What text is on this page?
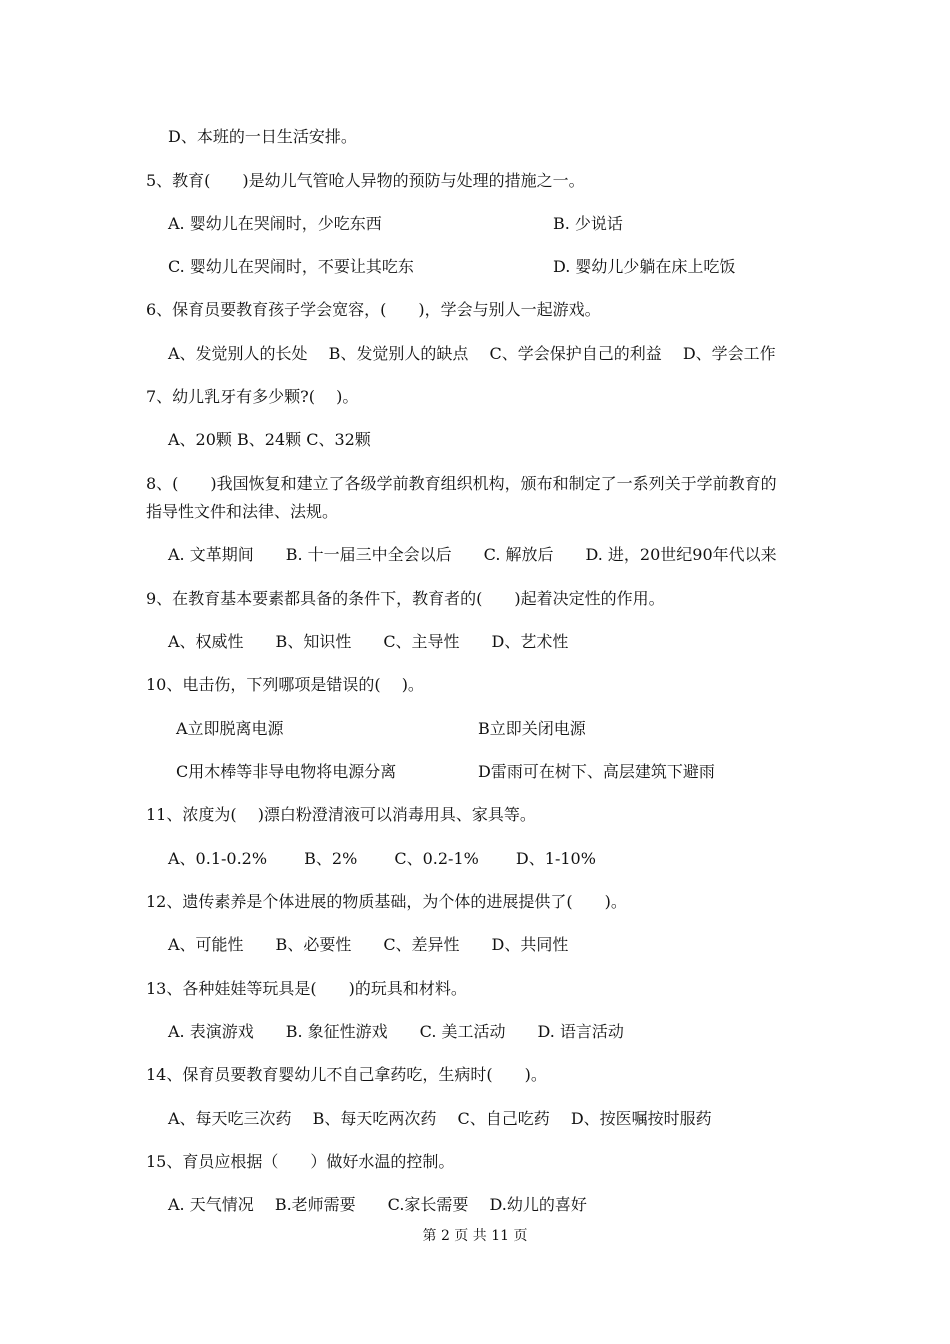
D、本班的一日生活安排。
5、教育(　　)是幼儿气管呛人异物的预防与处理的措施之一。
A. 婴幼儿在哭闹时，少吃东西	B. 少说话
C. 婴幼儿在哭闹时，不要让其吃东	D. 婴幼儿少躺在床上吃饭
6、保育员要教育孩子学会宽容，(　　)，学会与别人一起游戏。
A、发觉别人的长处　 B、发觉别人的缺点　 C、学会保护自己的利益　 D、学会工作
7、幼儿乳牙有多少颗?(　 )。
A、20颗 B、24颗 C、32颗
8、(　　)我国恢复和建立了各级学前教育组织机构，颁布和制定了一系列关于学前教育的
指导性文件和法律、法规。
A. 文革期间　　B. 十一届三中全会以后　　C. 解放后　　D. 进，20世纪90年代以来
9、在教育基本要素都具备的条件下，教育者的(　　)起着决定性的作用。
A、权威性　　B、知识性　　C、主导性　　D、艺术性
10、电击伤，下列哪项是错误的(　 )。
A立即脱离电源	B立即关闭电源
C用木棒等非导电物将电源分离	D雷雨可在树下、高层建筑下避雨
11、浓度为(　 )漂白粉澄清液可以消毒用具、家具等。
A、0.1-0.2%　　 B、2%　　 C、0.2-1%　　 D、1-10%
12、遗传素养是个体进展的物质基础，为个体的进展提供了(　　)。
A、可能性　　B、必要性　　C、差异性　　D、共同性
13、各种娃娃等玩具是(　　)的玩具和材料。
A. 表演游戏　　B. 象征性游戏　　C. 美工活动　　D. 语言活动
14、保育员要教育婴幼儿不自己拿药吃，生病时(　　)。
A、每天吃三次药　 B、每天吃两次药　 C、自己吃药　 D、按医嘱按时服药
15、育员应根据（　　）做好水温的控制。
A. 天气情况　 B.老师需要　　C.家长需要　 D.幼儿的喜好
第 2 页 共 11 页
